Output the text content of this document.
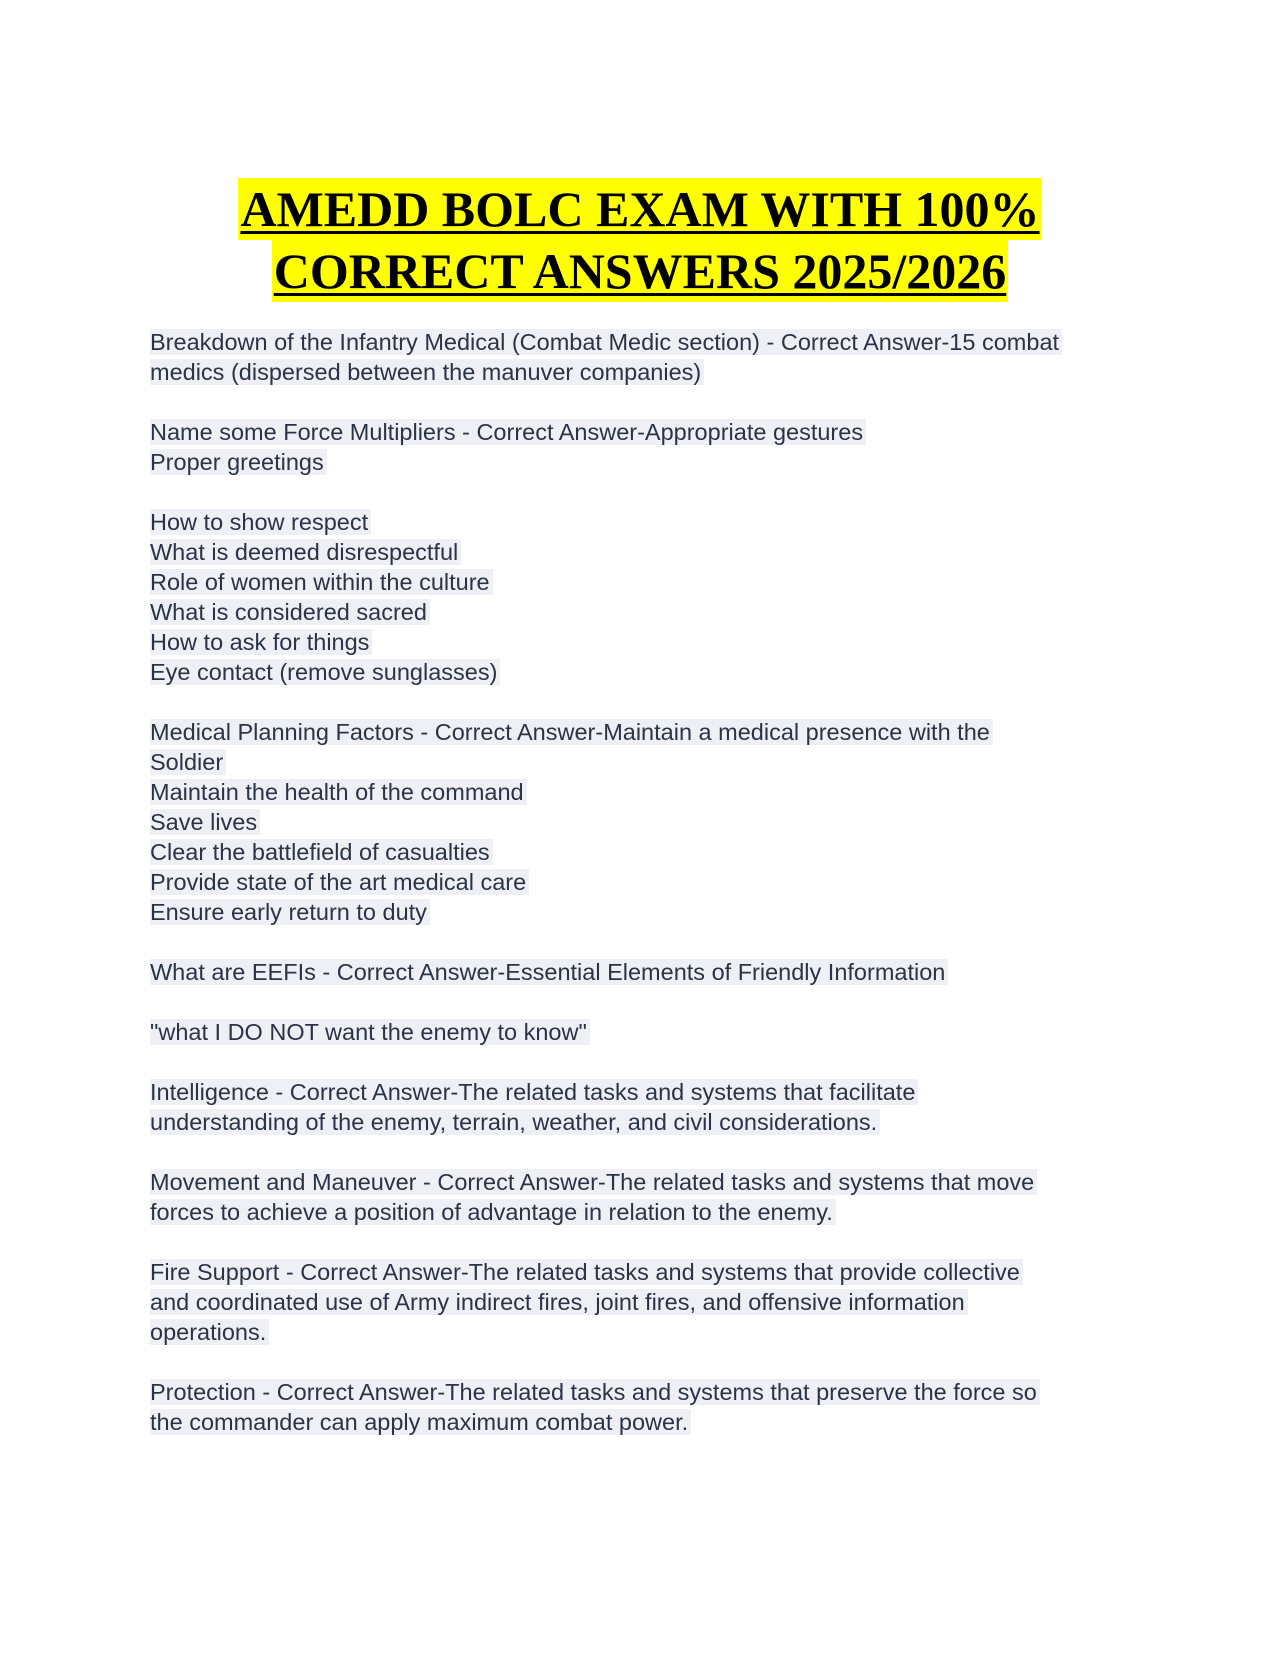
AMEDD BOLC EXAM WITH 100%
CORRECT ANSWERS 2025/2026
Breakdown of the Infantry Medical (Combat Medic section) - Correct Answer-15 combat
medics (dispersed between the manuver companies)
Name some Force Multipliers - Correct Answer-Appropriate gestures
Proper greetings
How to show respect
What is deemed disrespectful
Role of women within the culture
What is considered sacred
How to ask for things
Eye contact (remove sunglasses)
Medical Planning Factors - Correct Answer-Maintain a medical presence with the
Soldier
Maintain the health of the command
Save lives
Clear the battlefield of casualties
Provide state of the art medical care
Ensure early return to duty
What are EEFIs - Correct Answer-Essential Elements of Friendly Information
"what I DO NOT want the enemy to know"
Intelligence - Correct Answer-The related tasks and systems that facilitate
understanding of the enemy, terrain, weather, and civil considerations.
Movement and Maneuver - Correct Answer-The related tasks and systems that move
forces to achieve a position of advantage in relation to the enemy.
Fire Support - Correct Answer-The related tasks and systems that provide collective
and coordinated use of Army indirect fires, joint fires, and offensive information
operations.
Protection - Correct Answer-The related tasks and systems that preserve the force so
the commander can apply maximum combat power.
